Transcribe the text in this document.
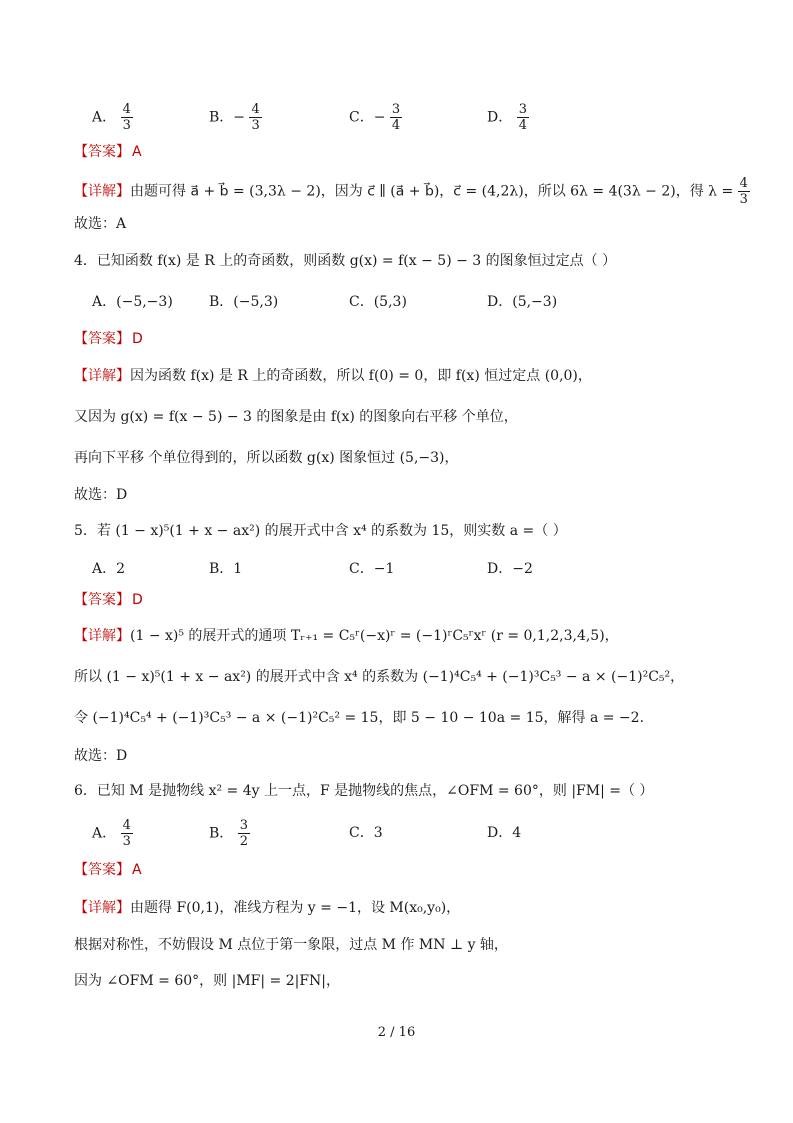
A． $\frac{4}{3}$	B．− $\frac{4}{3}$	C．− $\frac{3}{4}$	D． $\frac{3}{4}$
【答案】 A
【详解】由题可得 a⃗ + b⃗ = (3,3λ − 2)，因为 c⃗ ∥ (a⃗ + b⃗)，c⃗ = (4,2λ)，所以 6λ = 4(3λ − 2)，得 $\lambda = \frac{4}{3}$
故选：A
4．已知函数 f(x) 是 R 上的奇函数，则函数 g(x) = f(x − 5) − 3 的图象恒过定点（ ）
A．(−5,−3)	B．(−5,3)	C．(5,3)	D．(5,−3)
【答案】 D
【详解】因为函数 f(x) 是 R 上的奇函数，所以 f(0) = 0，即 f(x) 恒过定点 (0,0)，
又因为 g(x) = f(x − 5) − 3 的图象是由 f(x) 的图象向右平移 个单位，
再向下平移 个单位得到的，所以函数 g(x) 图象恒过 (5,−3)，
故选：D
5．若 (1 − x)⁵(1 + x − ax²) 的展开式中含 x⁴ 的系数为 15，则实数 a =（ ）
A．2	B．1	C．−1	D．−2
【答案】 D
【详解】(1 − x)⁵ 的展开式的通项 Tᵣ₊₁ = C₅ʳ(−x)ʳ = (−1)ʳC₅ʳxʳ (r = 0,1,2,3,4,5)，
所以 (1 − x)⁵(1 + x − ax²) 的展开式中含 x⁴ 的系数为 (−1)⁴C₅⁴ + (−1)³C₅³ − a × (−1)²C₅²，
令 (−1)⁴C₅⁴ + (−1)³C₅³ − a × (−1)²C₅² = 15，即 5 − 10 − 10a = 15，解得 a = −2．
故选：D
6．已知 M 是抛物线 x² = 4y 上一点，F 是抛物线的焦点，∠OFM = 60°，则 |FM| =（ ）
A． $\frac{4}{3}$	B． $\frac{3}{2}$	C．3	D．4
【答案】 A
【详解】由题得 F(0,1)，准线方程为 y = −1，设 M(x₀,y₀)，
根据对称性，不妨假设 M 点位于第一象限，过点 M 作 MN ⊥ y 轴，
因为 ∠OFM = 60°，则 |MF| = 2|FN|，
2 / 16
